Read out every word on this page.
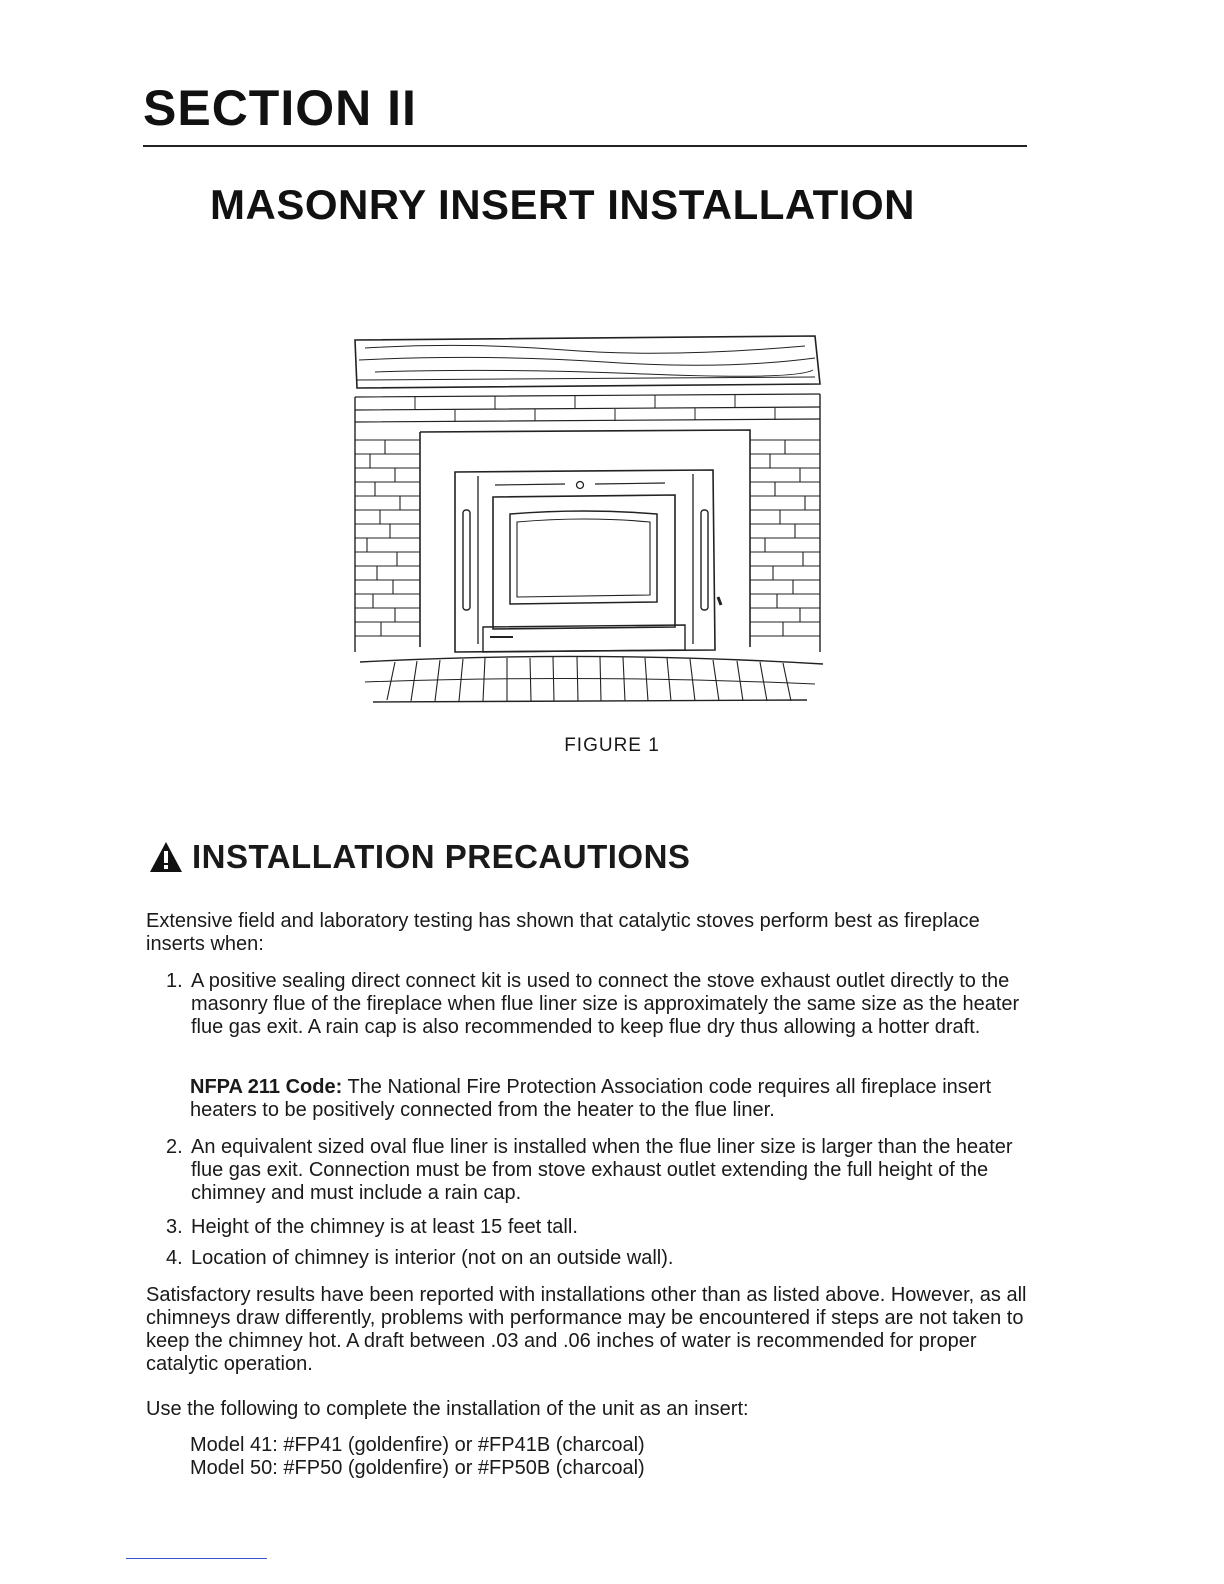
SECTION II
MASONRY INSERT INSTALLATION
FIGURE 1
INSTALLATION PRECAUTIONS

Extensive field and laboratory testing has shown that catalytic stoves perform best as fireplace inserts when:

1. A positive sealing direct connect kit is used to connect the stove exhaust outlet directly to the masonry flue of the fireplace when flue liner size is approximately the same size as the heater flue gas exit. A rain cap is also recommended to keep flue dry thus allowing a hotter draft.

NFPA 211 Code: The National Fire Protection Association code requires all fireplace insert heaters to be positively connected from the heater to the flue liner.

2. An equivalent sized oval flue liner is installed when the flue liner size is larger than the heater flue gas exit. Connection must be from stove exhaust outlet extending the full height of the chimney and must include a rain cap.
3. Height of the chimney is at least 15 feet tall.
4. Location of chimney is interior (not on an outside wall).

Satisfactory results have been reported with installations other than as listed above. However, as all chimneys draw differently, problems with performance may be encountered if steps are not taken to keep the chimney hot. A draft between .03 and .06 inches of water is recommended for proper catalytic operation.

Use the following to complete the installation of the unit as an insert:

Model 41: #FP41 (goldenfire) or #FP41B (charcoal)
Model 50: #FP50 (goldenfire) or #FP50B (charcoal)
